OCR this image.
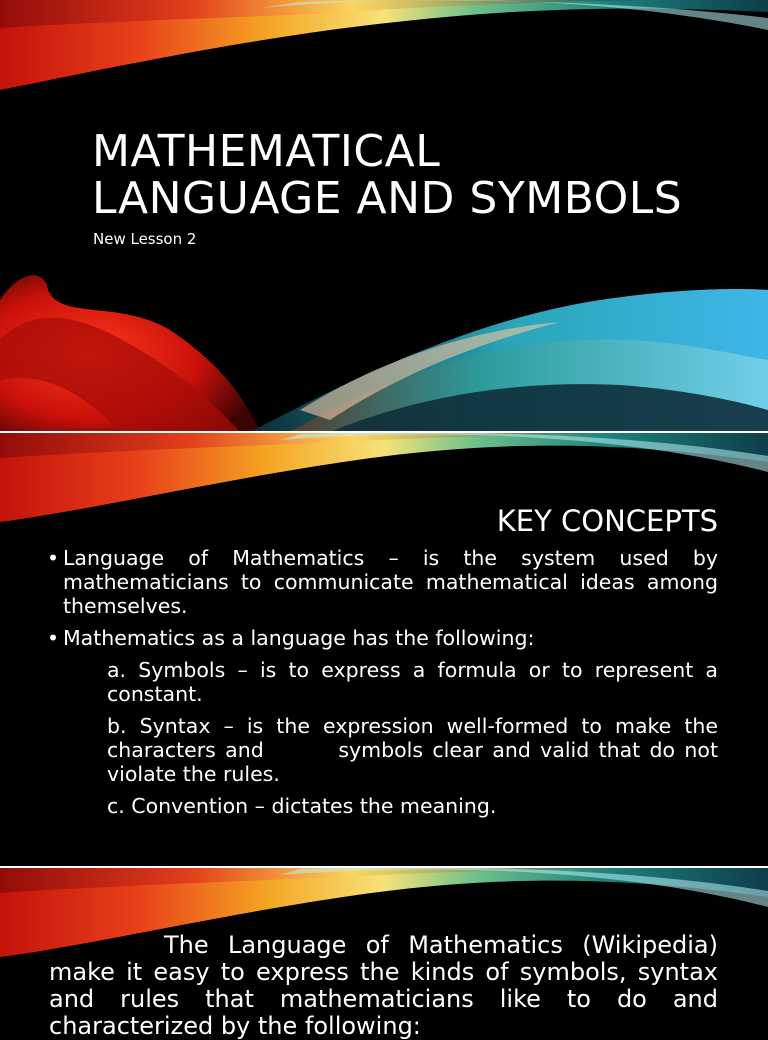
MATHEMATICAL
LANGUAGE AND SYMBOLS
New Lesson 2
KEY CONCEPTS

• Language of Mathematics – is the system used by mathematicians to communicate mathematical ideas among themselves.

• Mathematics as a language has the following:

a. Symbols – is to express a formula or to represent a constant.

b. Syntax – is the expression well-formed to make the characters and        symbols clear and valid that do not violate the rules.

c. Convention – dictates the meaning.

The Language of Mathematics (Wikipedia) make it easy to express the kinds of symbols, syntax and rules that mathematicians like to do and characterized by the following:
